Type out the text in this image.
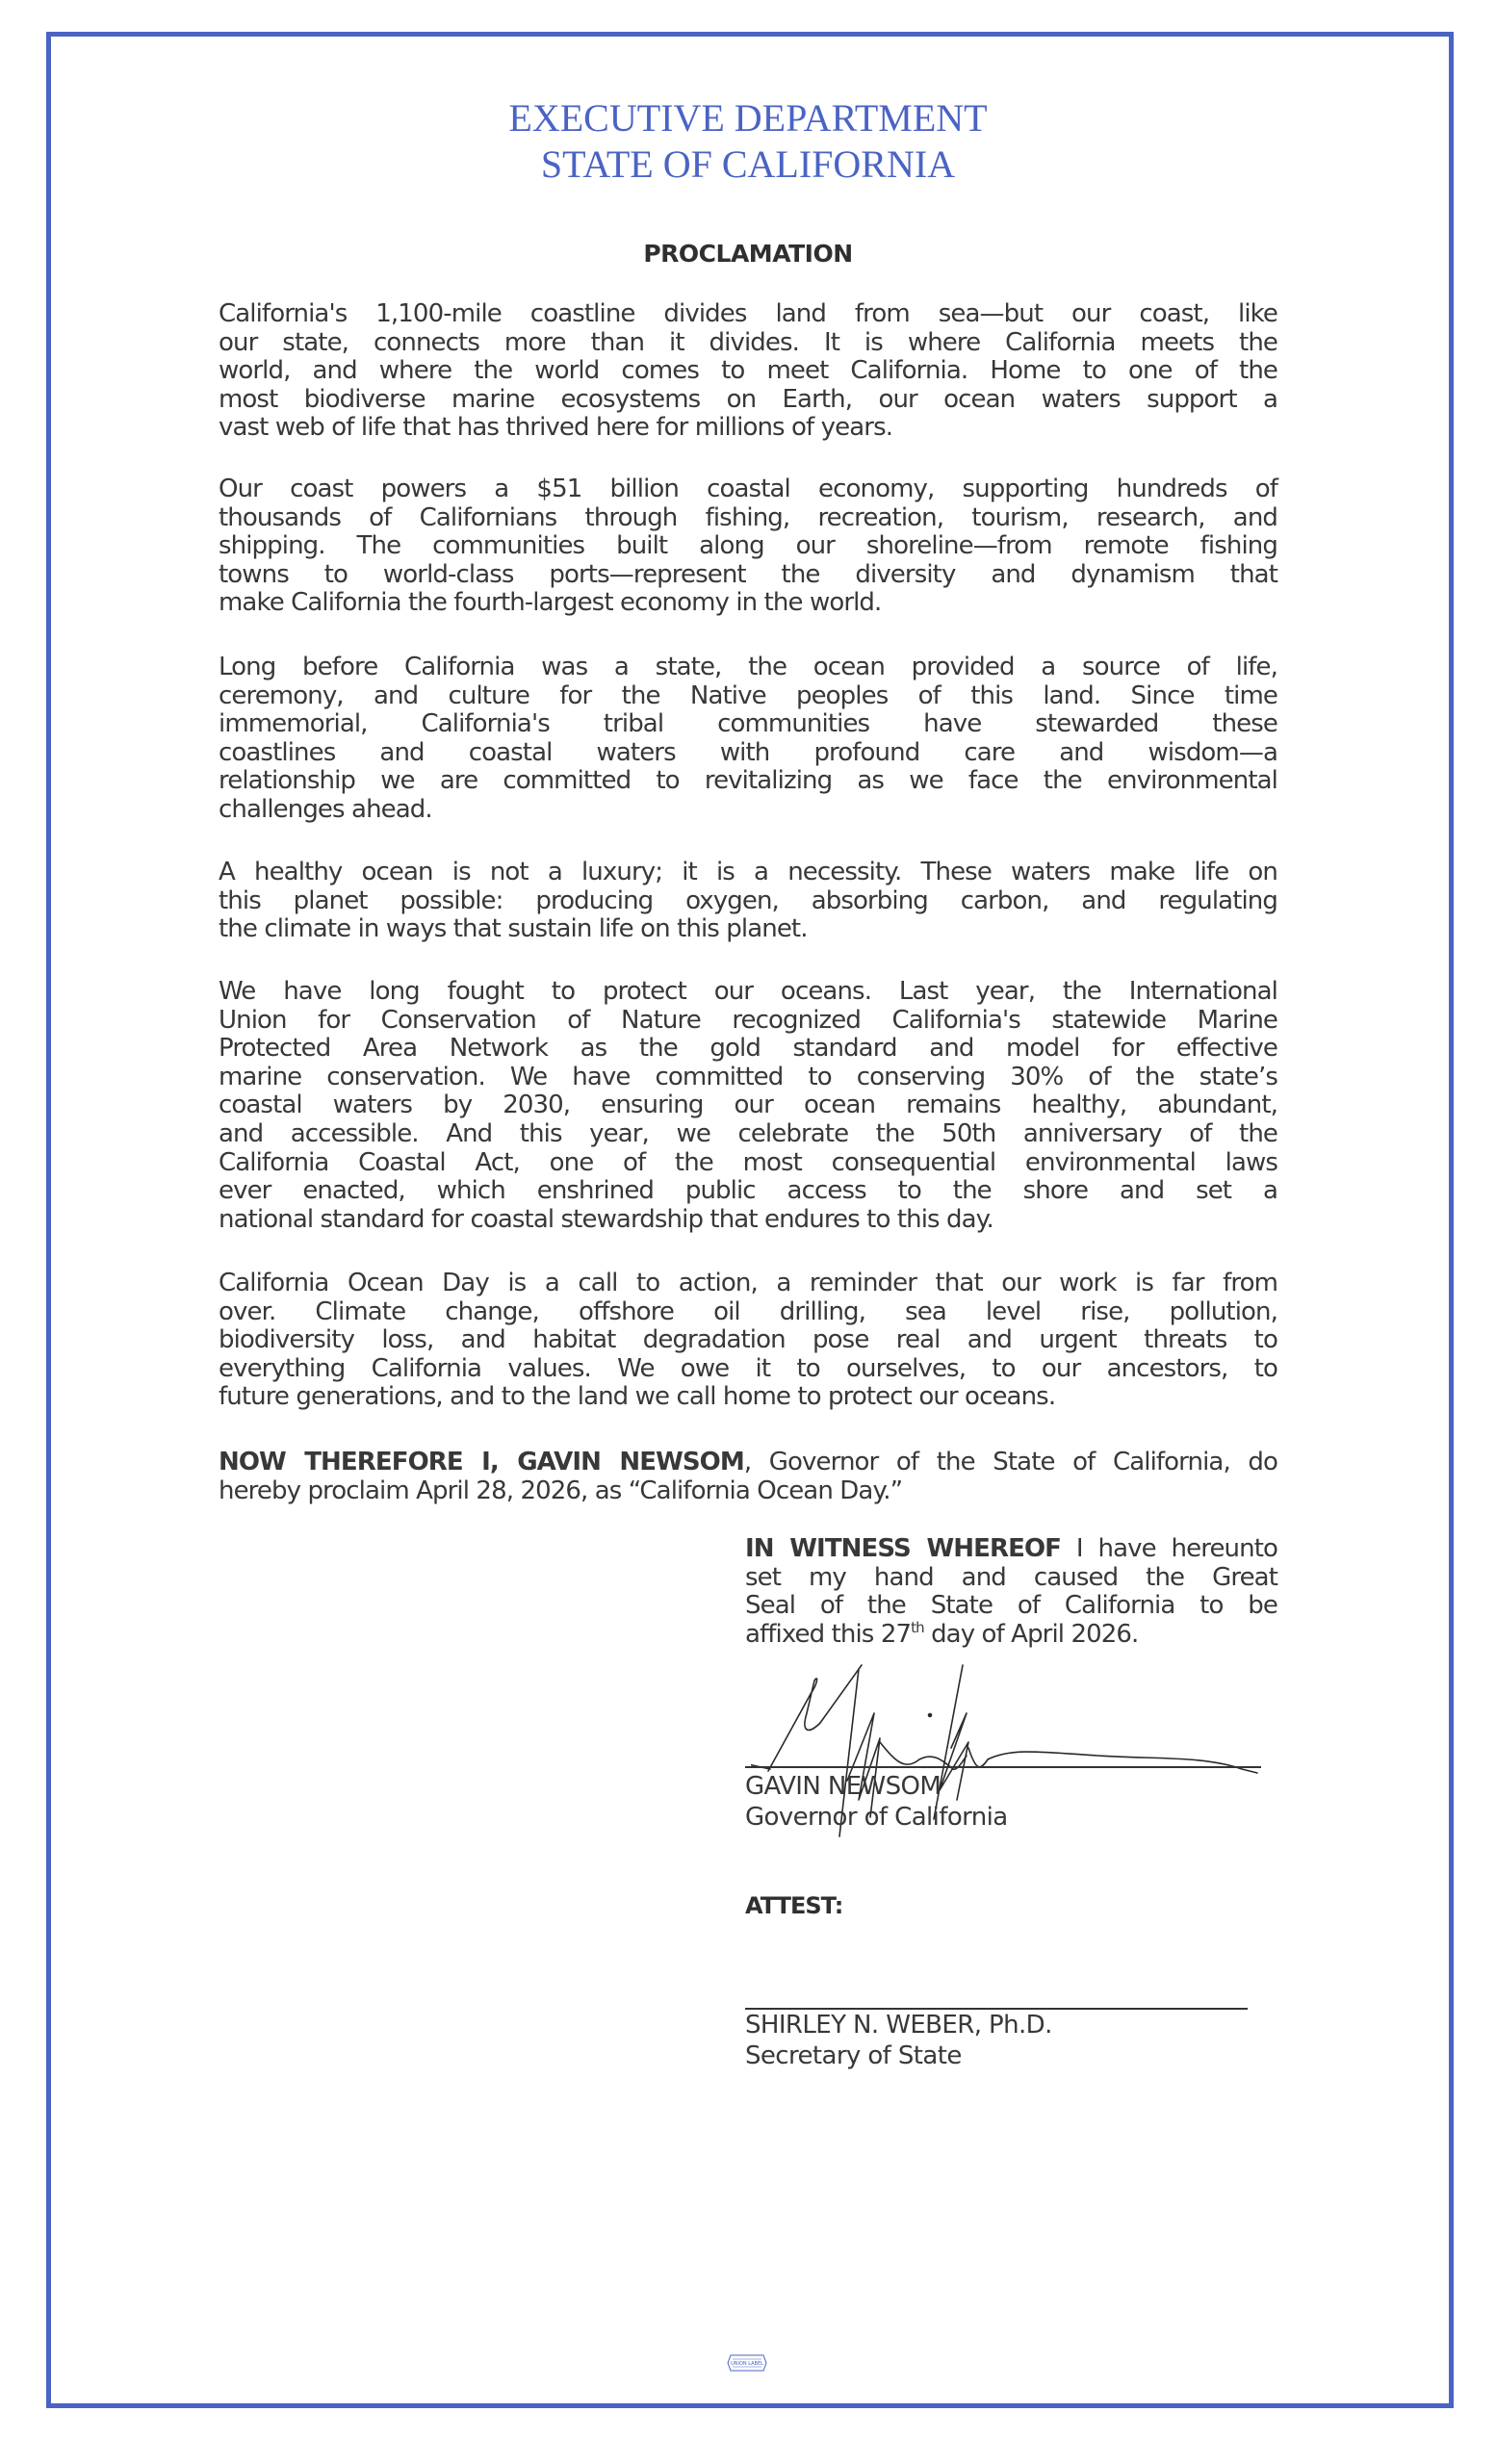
EXECUTIVE DEPARTMENT
STATE OF CALIFORNIA
PROCLAMATION
California's 1,100-mile coastline divides land from sea—but our coast, like
our state, connects more than it divides. It is where California meets the
world, and where the world comes to meet California. Home to one of the
most biodiverse marine ecosystems on Earth, our ocean waters support a
vast web of life that has thrived here for millions of years.
Our coast powers a $51 billion coastal economy, supporting hundreds of
thousands of Californians through fishing, recreation, tourism, research, and
shipping. The communities built along our shoreline—from remote fishing
towns to world-class ports—represent the diversity and dynamism that
make California the fourth-largest economy in the world.
Long before California was a state, the ocean provided a source of life,
ceremony, and culture for the Native peoples of this land. Since time
immemorial, California's tribal communities have stewarded these
coastlines and coastal waters with profound care and wisdom—a
relationship we are committed to revitalizing as we face the environmental
challenges ahead.
A healthy ocean is not a luxury; it is a necessity. These waters make life on
this planet possible: producing oxygen, absorbing carbon, and regulating
the climate in ways that sustain life on this planet.
We have long fought to protect our oceans. Last year, the International
Union for Conservation of Nature recognized California's statewide Marine
Protected Area Network as the gold standard and model for effective
marine conservation. We have committed to conserving 30% of the state’s
coastal waters by 2030, ensuring our ocean remains healthy, abundant,
and accessible. And this year, we celebrate the 50th anniversary of the
California Coastal Act, one of the most consequential environmental laws
ever enacted, which enshrined public access to the shore and set a
national standard for coastal stewardship that endures to this day.
California Ocean Day is a call to action, a reminder that our work is far from
over. Climate change, offshore oil drilling, sea level rise, pollution,
biodiversity loss, and habitat degradation pose real and urgent threats to
everything California values. We owe it to ourselves, to our ancestors, to
future generations, and to the land we call home to protect our oceans.
NOW THEREFORE I, GAVIN NEWSOM, Governor of the State of California, do
hereby proclaim April 28, 2026, as “California Ocean Day.”
IN WITNESS WHEREOF I have hereunto
set my hand and caused the Great
Seal of the State of California to be
affixed this 27th day of April 2026.
GAVIN NEWSOM
Governor of California
ATTEST:
SHIRLEY N. WEBER, Ph.D.
Secretary of State
UNION LABEL
